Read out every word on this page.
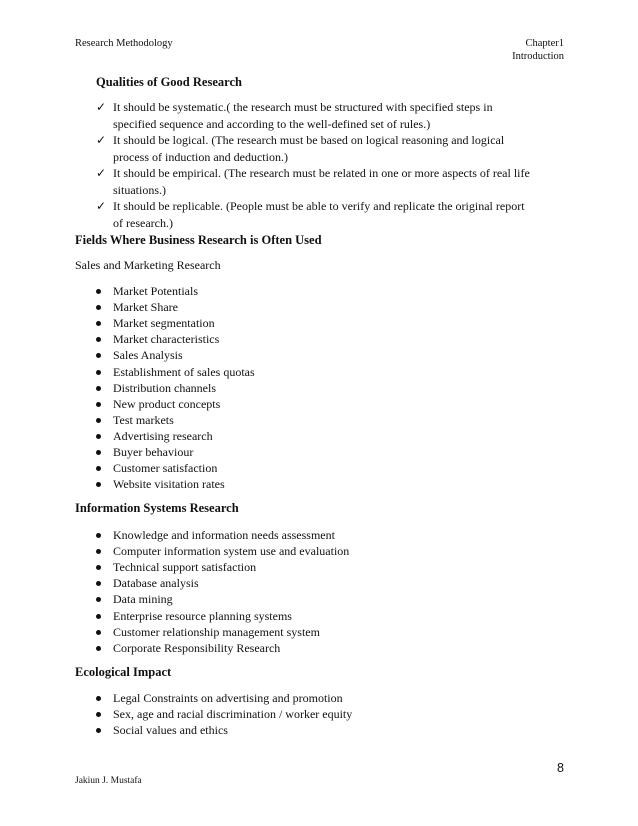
Research Methodology	Chapter1
Introduction
Qualities of Good Research
✓ It should be systematic.( the research must be structured with specified steps in specified sequence and according to the well-defined set of rules.)
✓ It should be logical. (The research must be based on logical reasoning and logical process of induction and deduction.)
✓ It should be empirical. (The research must be related in one or more aspects of real life situations.)
✓ It should be replicable. (People must be able to verify and replicate the original report of research.)
Fields Where Business Research is Often Used
Sales and Marketing Research
Market Potentials
Market Share
Market segmentation
Market characteristics
Sales Analysis
Establishment of sales quotas
Distribution channels
New product concepts
Test markets
Advertising research
Buyer behaviour
Customer satisfaction
Website visitation rates
Information Systems Research
Knowledge and information needs assessment
Computer information system use and evaluation
Technical support satisfaction
Database analysis
Data mining
Enterprise resource planning systems
Customer relationship management system
Corporate Responsibility Research
Ecological Impact
Legal Constraints on advertising and promotion
Sex, age and racial discrimination / worker equity
Social values and ethics
8
Jakiun J. Mustafa
